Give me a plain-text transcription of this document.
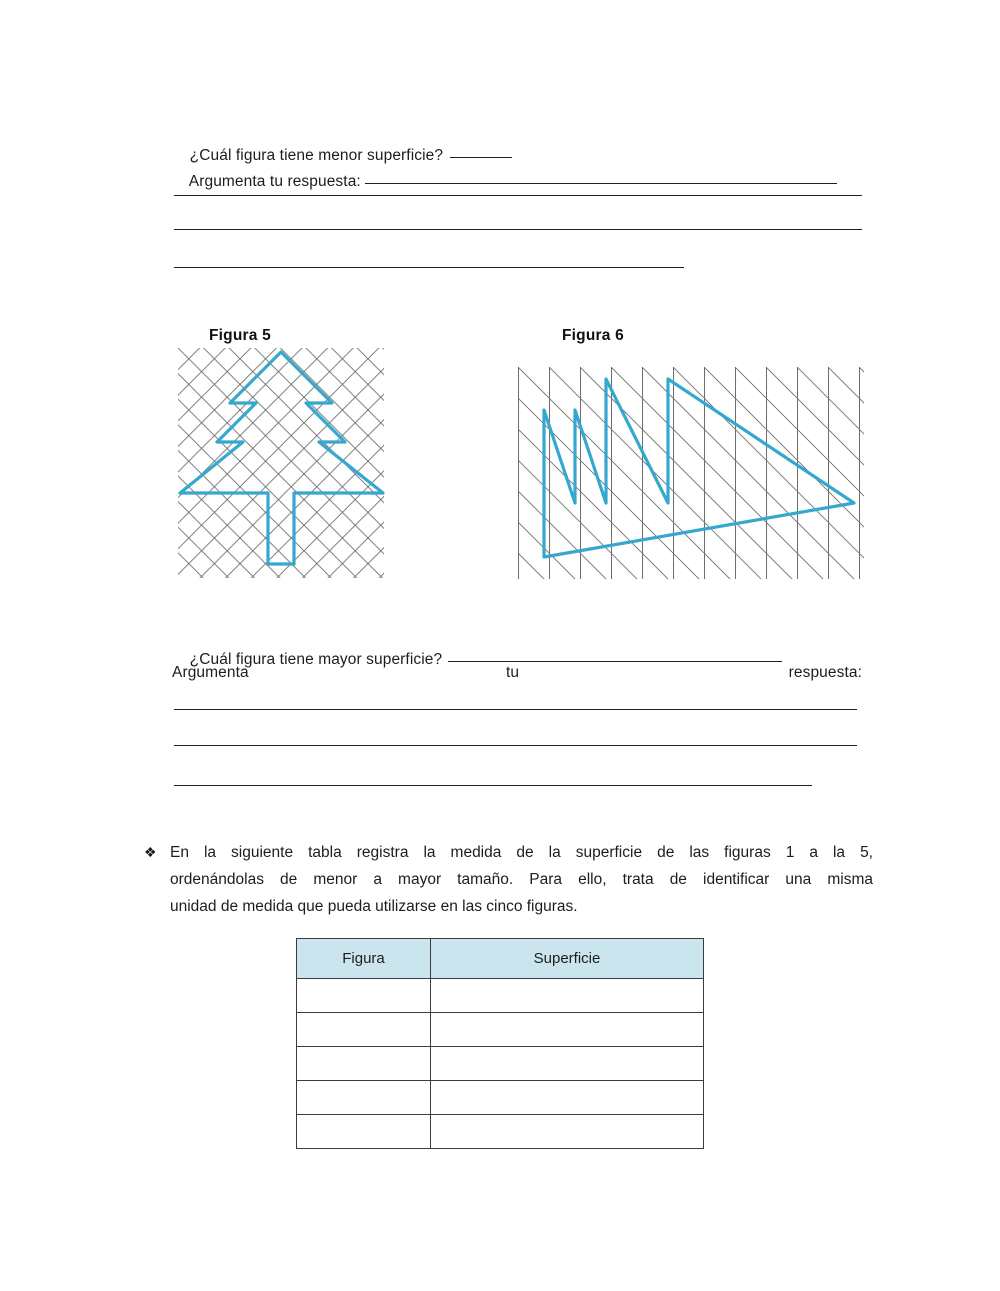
¿Cuál figura tiene menor superficie?

Argumenta tu respuesta:

Figura 5	Figura 6

¿Cuál figura tiene mayor superficie?

Argumenta	tu	respuesta:
❖ En la siguiente tabla registra la medida de la superficie de las figuras 1 a la 5,
ordenándolas de menor a mayor tamaño. Para ello, trata de identificar una misma
unidad de medida que pueda utilizarse en las cinco figuras.
Figura	Superficie
